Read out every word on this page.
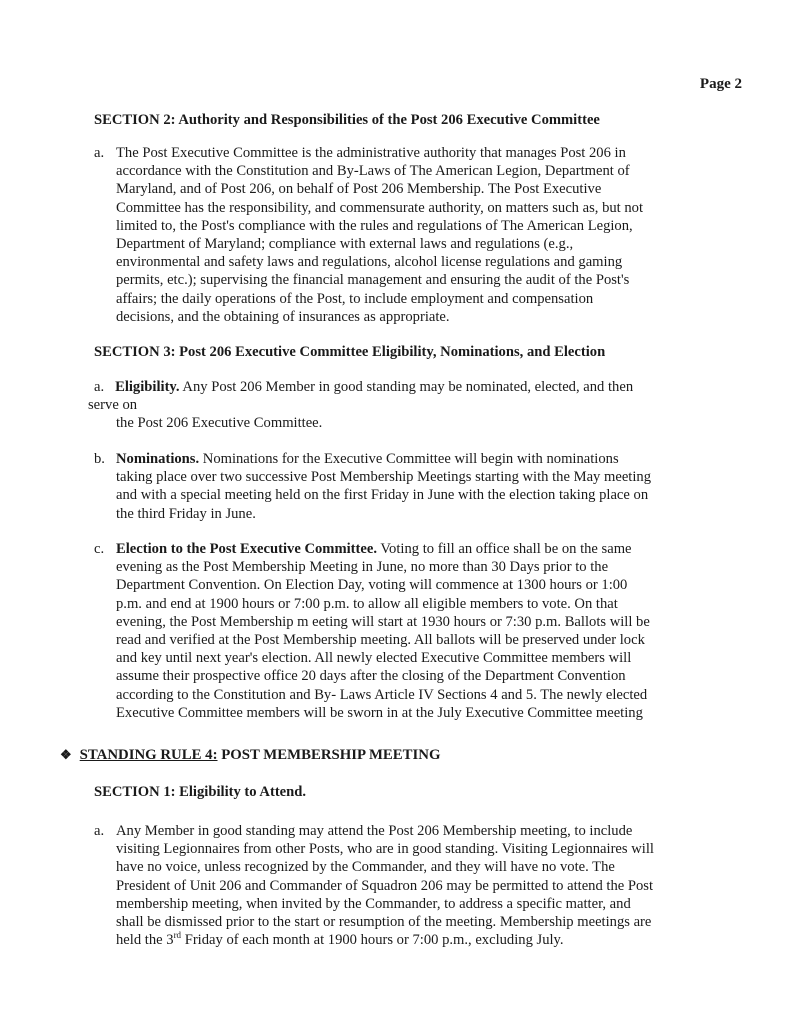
Page 2
SECTION 2: Authority and Responsibilities of the Post 206 Executive Committee
a. The Post Executive Committee is the administrative authority that manages Post 206 in
accordance with the Constitution and By-Laws of The American Legion, Department of
Maryland, and of Post 206, on behalf of Post 206 Membership. The Post Executive
Committee has the responsibility, and commensurate authority, on matters such as, but not
limited to, the Post's compliance with the rules and regulations of The American Legion,
Department of Maryland; compliance with external laws and regulations (e.g.,
environmental and safety laws and regulations, alcohol license regulations and gaming
permits, etc.); supervising the financial management and ensuring the audit of the Post's
affairs; the daily operations of the Post, to include employment and compensation
decisions, and the obtaining of insurances as appropriate.
SECTION 3: Post 206 Executive Committee Eligibility, Nominations, and Election
a. Eligibility. Any Post 206 Member in good standing may be nominated, elected, and then
serve on
the Post 206 Executive Committee.
b. Nominations. Nominations for the Executive Committee will begin with nominations
taking place over two successive Post Membership Meetings starting with the May meeting
and with a special meeting held on the first Friday in June with the election taking place on
the third Friday in June.
c. Election to the Post Executive Committee. Voting to fill an office shall be on the same
evening as the Post Membership Meeting in June, no more than 30 Days prior to the
Department Convention. On Election Day, voting will commence at 1300 hours or 1:00
p.m. and end at 1900 hours or 7:00 p.m. to allow all eligible members to vote. On that
evening, the Post Membership m eeting will start at 1930 hours or 7:30 p.m. Ballots will be
read and verified at the Post Membership meeting. All ballots will be preserved under lock
and key until next year's election. All newly elected Executive Committee members will
assume their prospective office 20 days after the closing of the Department Convention
according to the Constitution and By- Laws Article IV Sections 4 and 5. The newly elected
Executive Committee members will be sworn in at the July Executive Committee meeting
❖ STANDING RULE 4: POST MEMBERSHIP MEETING
SECTION 1: Eligibility to Attend.
a. Any Member in good standing may attend the Post 206 Membership meeting, to include
visiting Legionnaires from other Posts, who are in good standing. Visiting Legionnaires will
have no voice, unless recognized by the Commander, and they will have no vote. The
President of Unit 206 and Commander of Squadron 206 may be permitted to attend the Post
membership meeting, when invited by the Commander, to address a specific matter, and
shall be dismissed prior to the start or resumption of the meeting. Membership meetings are
held the 3rd Friday of each month at 1900 hours or 7:00 p.m., excluding July.
